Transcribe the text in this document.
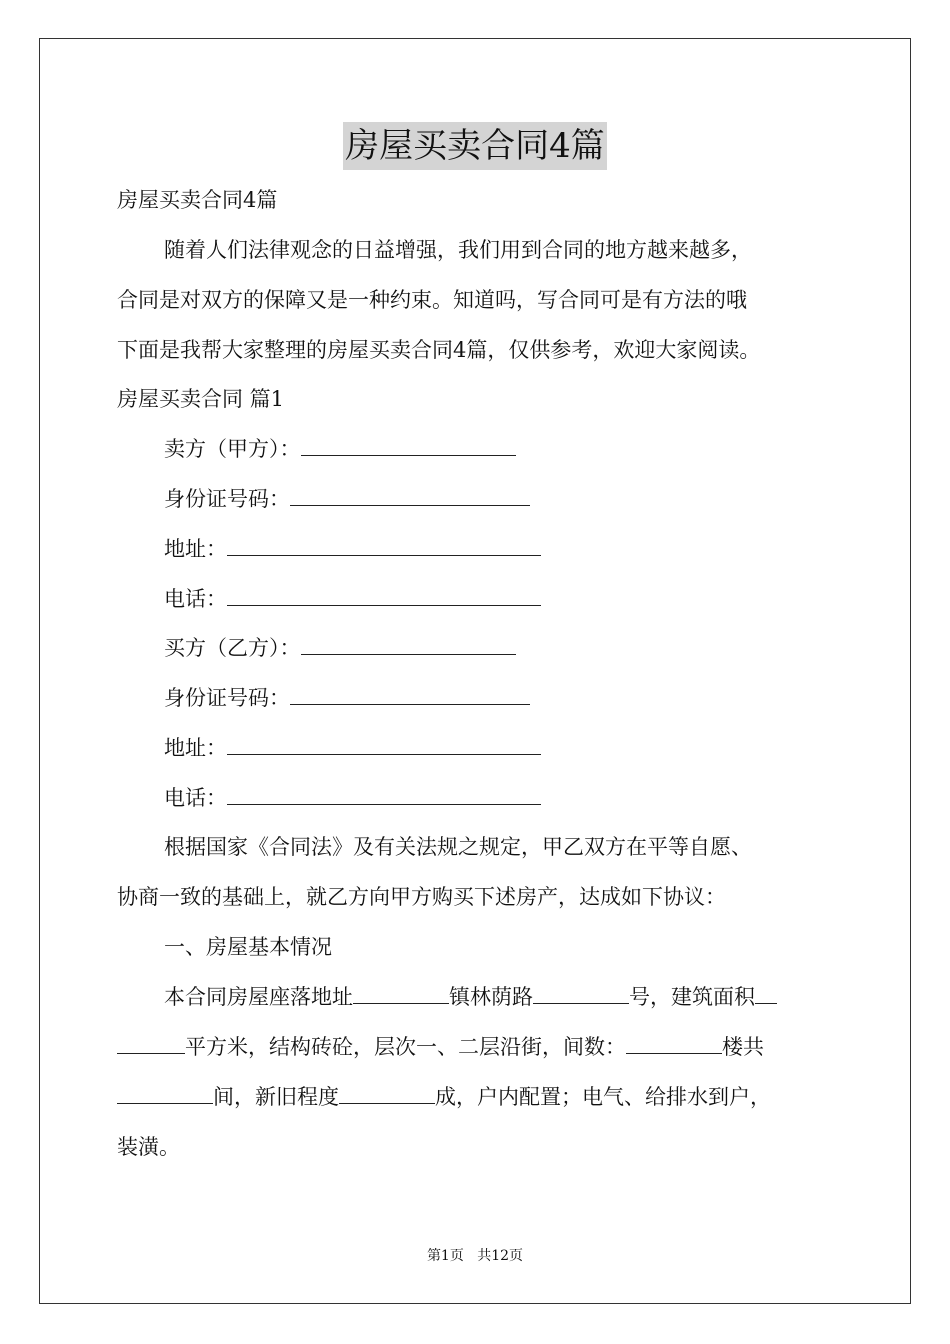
房屋买卖合同4篇
房屋买卖合同4篇
随着人们法律观念的日益增强，我们用到合同的地方越来越多，
合同是对双方的保障又是一种约束。知道吗，写合同可是有方法的哦
下面是我帮大家整理的房屋买卖合同4篇，仅供参考，欢迎大家阅读。
房屋买卖合同 篇1
卖方（甲方）：
身份证号码：
地址：
电话：
买方（乙方）：
身份证号码：
地址：
电话：
根据国家《合同法》及有关法规之规定，甲乙双方在平等自愿、
协商一致的基础上，就乙方向甲方购买下述房产，达成如下协议：
一、房屋基本情况
本合同房屋座落地址	镇林荫路	号，建筑面积
平方米，结构砖砼，层次一、二层沿街，间数：	楼共
间，新旧程度	成，户内配置；电气、给排水到户，
装潢。
第1页 共12页
